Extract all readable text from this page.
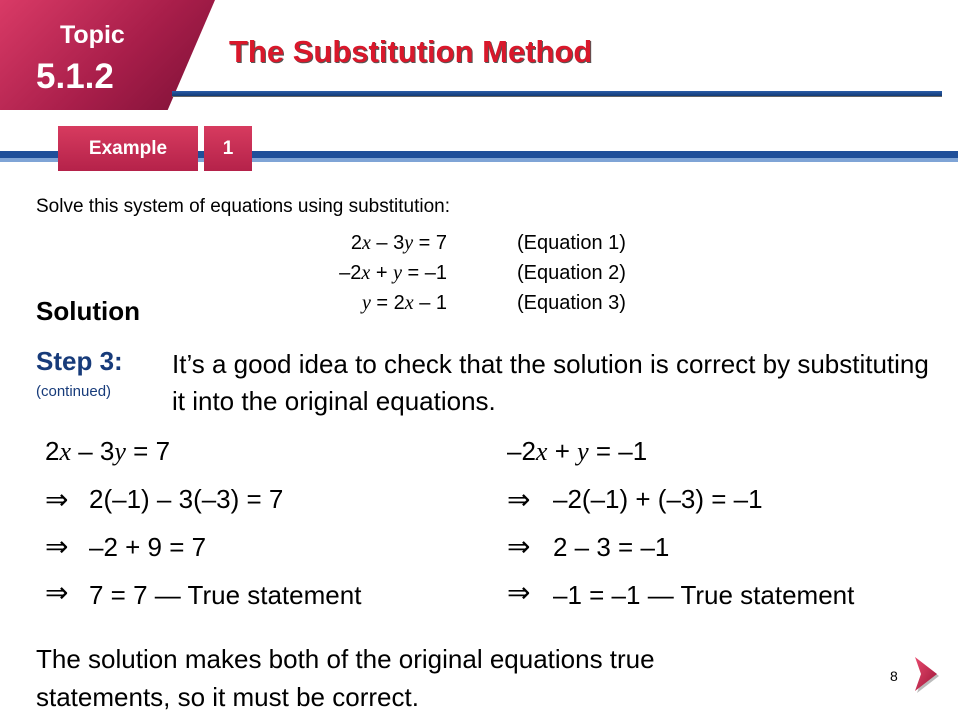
Topic
5.1.2
The Substitution Method
Example	1
Solve this system of equations using substitution:
2x – 3y = 7	(Equation 1)
–2x + y = –1	(Equation 2)
y = 2x – 1	(Equation 3)
Solution
Step 3:
(continued)
It’s a good idea to check that the solution is correct by substituting it into the original equations.
2x – 3y = 7
⇒ 2(–1) – 3(–3) = 7
⇒ –2 + 9 = 7
⇒ 7 = 7 — True statement
–2x + y = –1
⇒ –2(–1) + (–3) = –1
⇒ 2 – 3 = –1
⇒ –1 = –1 — True statement
The solution makes both of the original equations true statements, so it must be correct.
8
